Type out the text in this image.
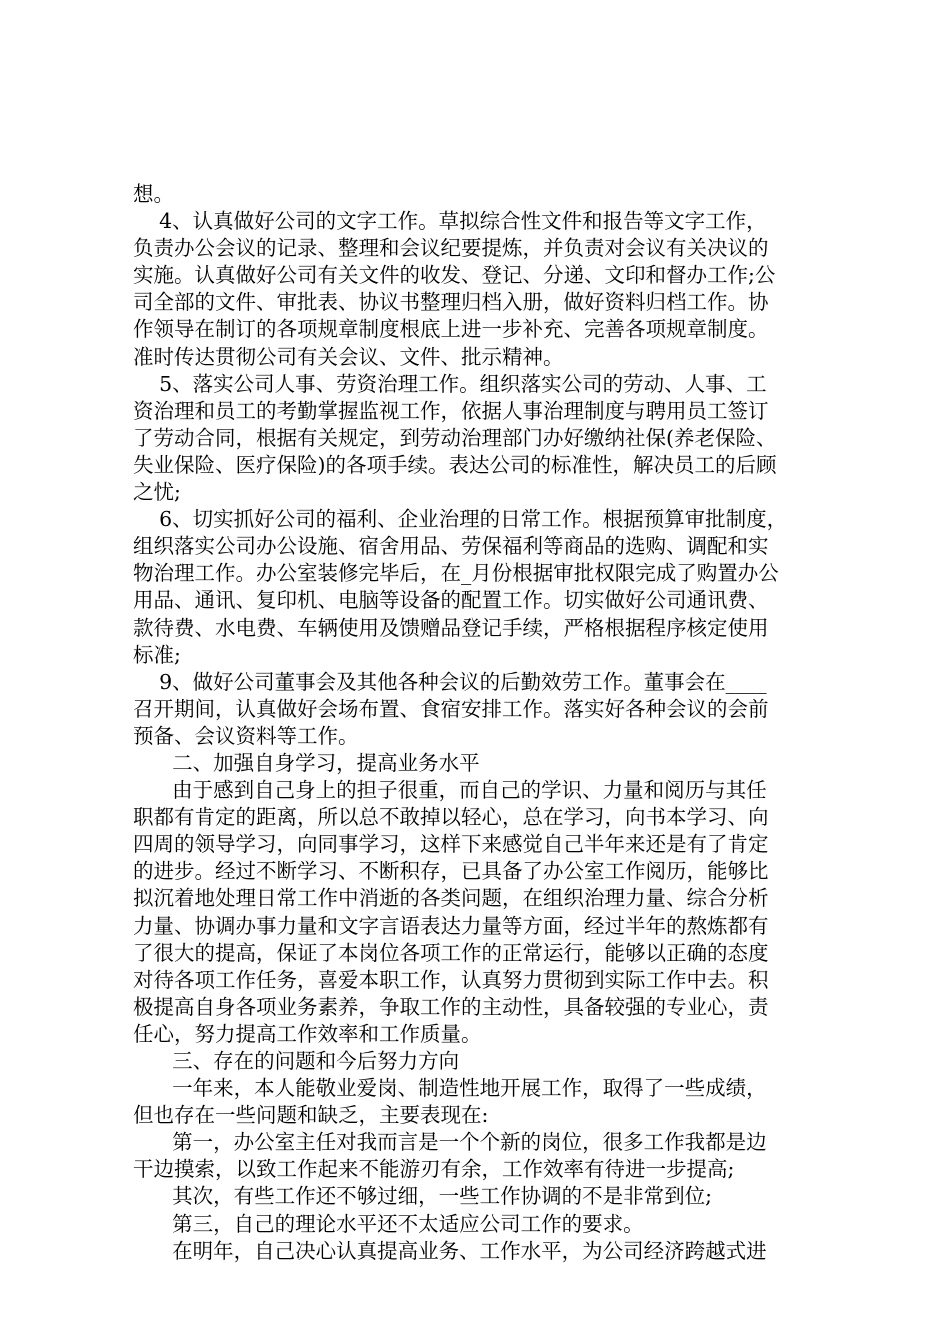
想。
4、认真做好公司的文字工作。草拟综合性文件和报告等文字工作，
负责办公会议的记录、整理和会议纪要提炼，并负责对会议有关决议的
实施。认真做好公司有关文件的收发、登记、分递、文印和督办工作;公
司全部的文件、审批表、协议书整理归档入册，做好资料归档工作。协
作领导在制订的各项规章制度根底上进一步补充、完善各项规章制度。
准时传达贯彻公司有关会议、文件、批示精神。
5、落实公司人事、劳资治理工作。组织落实公司的劳动、人事、工
资治理和员工的考勤掌握监视工作，依据人事治理制度与聘用员工签订
了劳动合同，根据有关规定，到劳动治理部门办好缴纳社保(养老保险、
失业保险、医疗保险)的各项手续。表达公司的标准性，解决员工的后顾
之忧;
6、切实抓好公司的福利、企业治理的日常工作。根据预算审批制度，
组织落实公司办公设施、宿舍用品、劳保福利等商品的选购、调配和实
物治理工作。办公室装修完毕后，在_月份根据审批权限完成了购置办公
用品、通讯、复印机、电脑等设备的配置工作。切实做好公司通讯费、
款待费、水电费、车辆使用及馈赠品登记手续，严格根据程序核定使用
标准;
9、做好公司董事会及其他各种会议的后勤效劳工作。董事会在____
召开期间，认真做好会场布置、食宿安排工作。落实好各种会议的会前
预备、会议资料等工作。
二、加强自身学习，提高业务水平
由于感到自己身上的担子很重，而自己的学识、力量和阅历与其任
职都有肯定的距离，所以总不敢掉以轻心，总在学习，向书本学习、向
四周的领导学习，向同事学习，这样下来感觉自己半年来还是有了肯定
的进步。经过不断学习、不断积存，已具备了办公室工作阅历，能够比
拟沉着地处理日常工作中消逝的各类问题，在组织治理力量、综合分析
力量、协调办事力量和文字言语表达力量等方面，经过半年的熬炼都有
了很大的提高，保证了本岗位各项工作的正常运行，能够以正确的态度
对待各项工作任务，喜爱本职工作，认真努力贯彻到实际工作中去。积
极提高自身各项业务素养，争取工作的主动性，具备较强的专业心，责
任心，努力提高工作效率和工作质量。
三、存在的问题和今后努力方向
一年来，本人能敬业爱岗、制造性地开展工作，取得了一些成绩，
但也存在一些问题和缺乏，主要表现在:
第一，办公室主任对我而言是一个个新的岗位，很多工作我都是边
干边摸索，以致工作起来不能游刃有余，工作效率有待进一步提高;
其次，有些工作还不够过细，一些工作协调的不是非常到位;
第三，自己的理论水平还不太适应公司工作的要求。
在明年，自己决心认真提高业务、工作水平，为公司经济跨越式进
